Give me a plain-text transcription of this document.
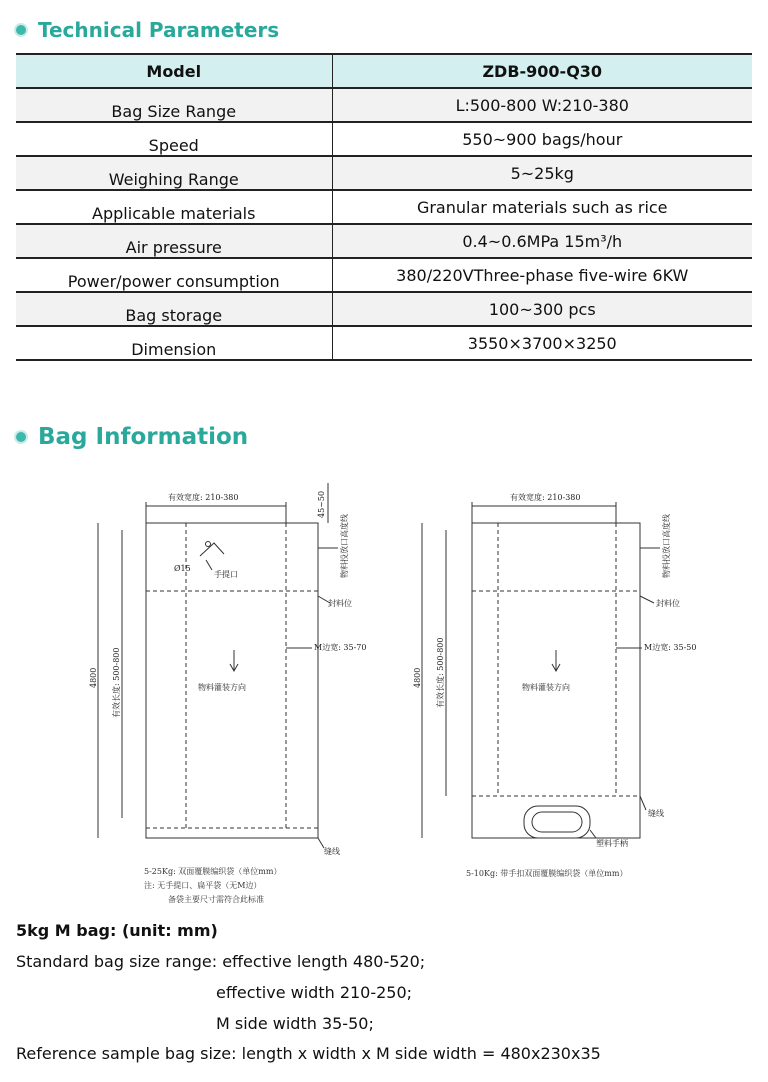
Technical Parameters
Model	ZDB-900-Q30
Bag Size Range	L:500-800 W:210-380
Speed	550~900 bags/hour
Weighing Range	5~25kg
Applicable materials	Granular materials such as rice
Air pressure	0.4~0.6MPa 15m³/h
Power/power consumption	380/220VThree-phase five-wire 6KW
Bag storage	100~300 pcs
Dimension	3550×3700×3250
Bag Information
有效宽度: 210-380	45~50
4800 有效长度: 500-800
Ø15
手提口	物料投放口高度线
封料位
M边宽: 35-70
物料灌装方向
缝线
5-25Kg: 双面覆膜编织袋（单位mm）
注: 无手提口、扁平袋（无M边）
备袋主要尺寸需符合此标准
有效宽度: 210-380
4800 有效长度: 500-800
物料投放口高度线
封料位
M边宽: 35-50
物料灌装方向
缝线
塑料手柄
5-10Kg: 带手扣双面覆膜编织袋（单位mm）
5kg M bag: (unit: mm)
Standard bag size range: effective length 480-520;
effective width 210-250;
M side width 35-50;
Reference sample bag size: length x width x M side width = 480x230x35
